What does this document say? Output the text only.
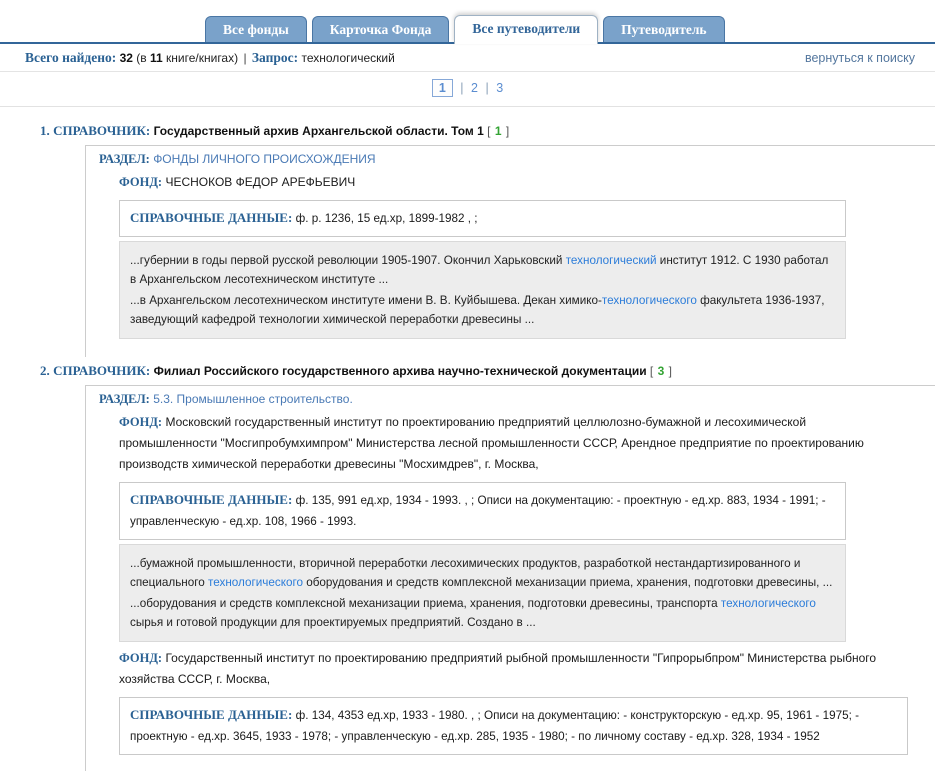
Все фонды	Карточка Фонда	Все путеводители	Путеводитель
Всего найдено: 32 (в 11 книге/книгах) | Запрос: технологический	вернуться к поиску
1 | 2 | 3
1. СПРАВОЧНИК: Государственный архив Архангельской области. Том 1 [ 1 ]
РАЗДЕЛ: ФОНДЫ ЛИЧНОГО ПРОИСХОЖДЕНИЯ
ФОНД: ЧЕСНОКОВ ФЕДОР АРЕФЬЕВИЧ
СПРАВОЧНЫЕ ДАННЫЕ: ф. р. 1236, 15 ед.хр, 1899-1982 , ;
...губернии в годы первой русской революции 1905-1907. Окончил Харьковский технологический институт 1912. С 1930 работал в Архангельском лесотехническом институте ...
...в Архангельском лесотехническом институте имени В. В. Куйбышева. Декан химико-технологического факультета 1936-1937, заведующий кафедрой технологии химической переработки древесины ...
2. СПРАВОЧНИК: Филиал Российского государственного архива научно-технической документации [ 3 ]
РАЗДЕЛ: 5.3. Промышленное строительство.
ФОНД: Московский государственный институт по проектированию предприятий целлюлозно-бумажной и лесохимической промышленности "Мосгипробумхимпром" Министерства лесной промышленности СССР, Арендное предприятие по проектированию производств химической переработки древесины "Мосхимдрев", г. Москва,
СПРАВОЧНЫЕ ДАННЫЕ: ф. 135, 991 ед.хр, 1934 - 1993. , ; Описи на документацию: - проектную - ед.хр. 883, 1934 - 1991; - управленческую - ед.хр. 108, 1966 - 1993.
...бумажной промышленности, вторичной переработки лесохимических продуктов, разработкой нестандартизированного и специального технологического оборудования и средств комплексной механизации приема, хранения, подготовки древесины, ...
...оборудования и средств комплексной механизации приема, хранения, подготовки древесины, транспорта технологического сырья и готовой продукции для проектируемых предприятий. Создано в ...
ФОНД: Государственный институт по проектированию предприятий рыбной промышленности "Гипрорыбпром" Министерства рыбного хозяйства СССР, г. Москва,
СПРАВОЧНЫЕ ДАННЫЕ: ф. 134, 4353 ед.хр, 1933 - 1980. , ; Описи на документацию: - конструкторскую - ед.хр. 95, 1961 - 1975; - проектную - ед.хр. 3645, 1933 - 1978; - управленческую - ед.хр. 285, 1935 - 1980; - по личному составу - ед.хр. 328, 1934 - 1952
